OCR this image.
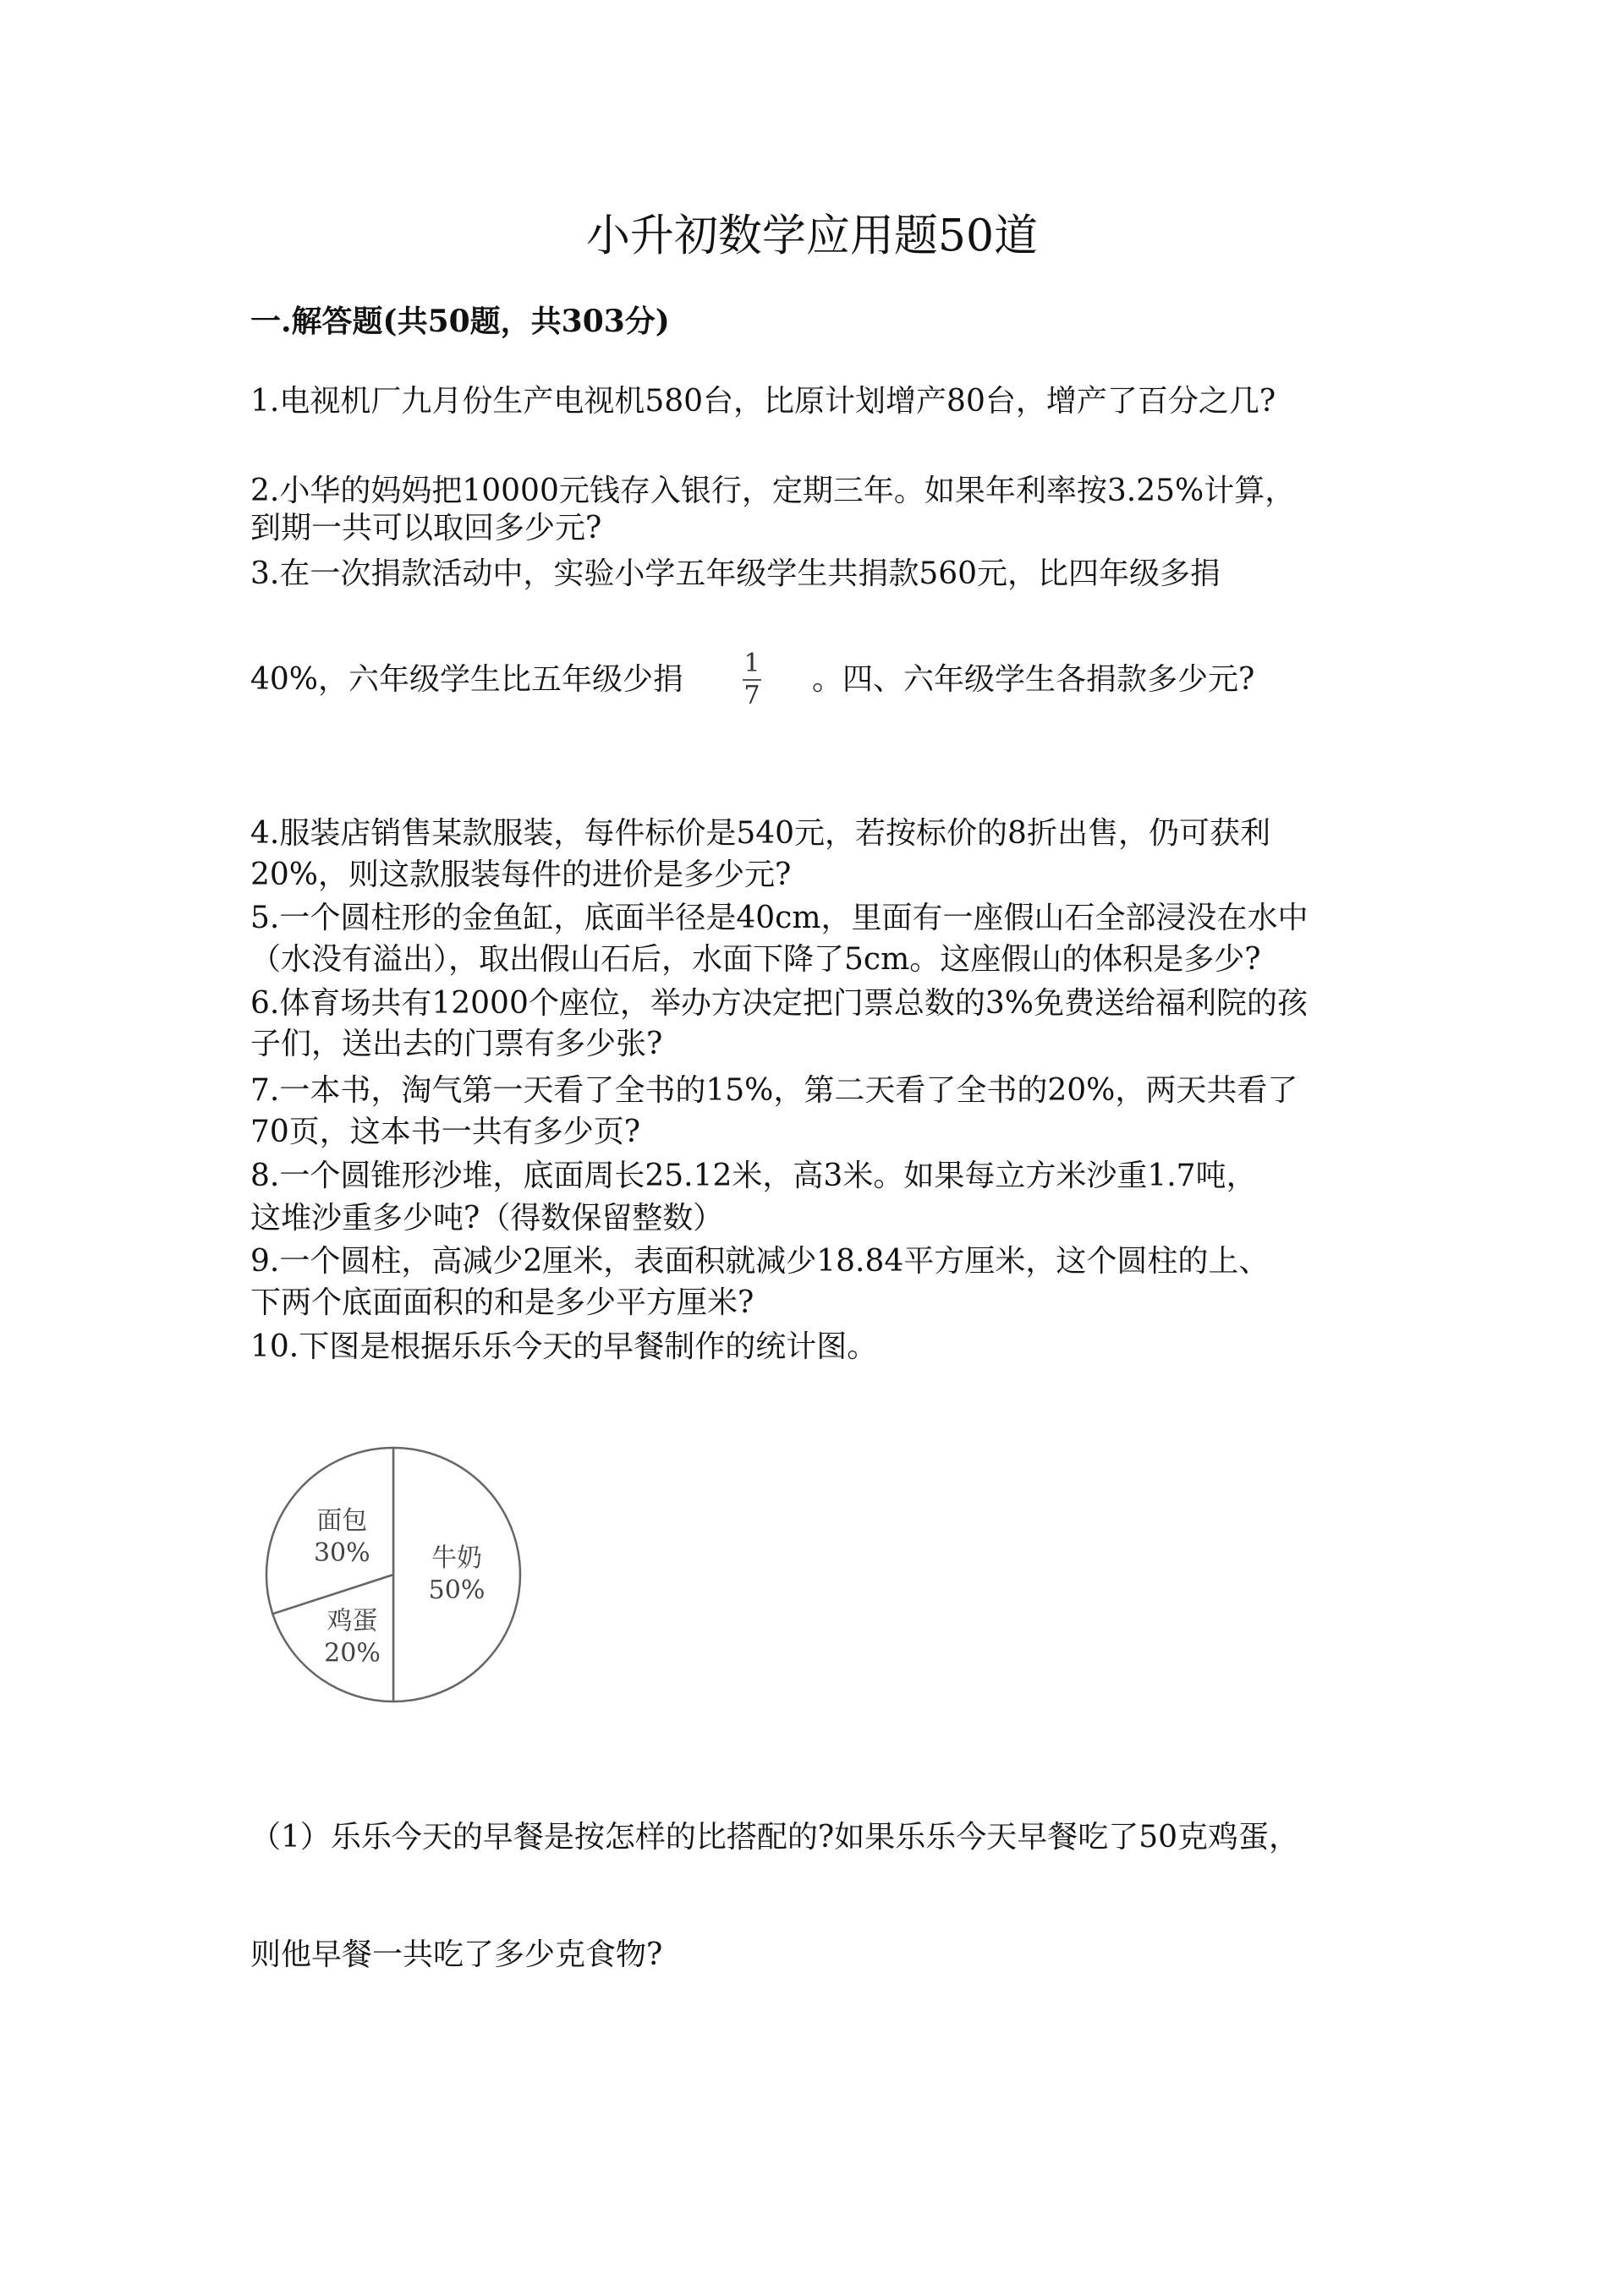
小升初数学应用题50道
一.解答题(共50题，共303分)
1.电视机厂九月份生产电视机580台，比原计划增产80台，增产了百分之几?
2.小华的妈妈把10000元钱存入银行，定期三年。如果年利率按3.25%计算，
到期一共可以取回多少元?
3.在一次捐款活动中，实验小学五年级学生共捐款560元，比四年级多捐
40%，六年级学生比五年级少捐 1
7 。四、六年级学生各捐款多少元?
4.服装店销售某款服装，每件标价是540元，若按标价的8折出售，仍可获利
20%，则这款服装每件的进价是多少元?
5.一个圆柱形的金鱼缸，底面半径是40cm，里面有一座假山石全部浸没在水中
（水没有溢出），取出假山石后，水面下降了5cm。这座假山的体积是多少?
6.体育场共有12000个座位，举办方决定把门票总数的3%免费送给福利院的孩
子们，送出去的门票有多少张?
7.一本书，淘气第一天看了全书的15%，第二天看了全书的20%，两天共看了
70页，这本书一共有多少页?
8.一个圆锥形沙堆，底面周长25.12米，高3米。如果每立方米沙重1.7吨，
这堆沙重多少吨?（得数保留整数）
9.一个圆柱，高减少2厘米，表面积就减少18.84平方厘米，这个圆柱的上、
下两个底面面积的和是多少平方厘米?
10.下图是根据乐乐今天的早餐制作的统计图。
牛奶
50%
鸡蛋
20%
面包
30%
（1）乐乐今天的早餐是按怎样的比搭配的?如果乐乐今天早餐吃了50克鸡蛋，
则他早餐一共吃了多少克食物?
